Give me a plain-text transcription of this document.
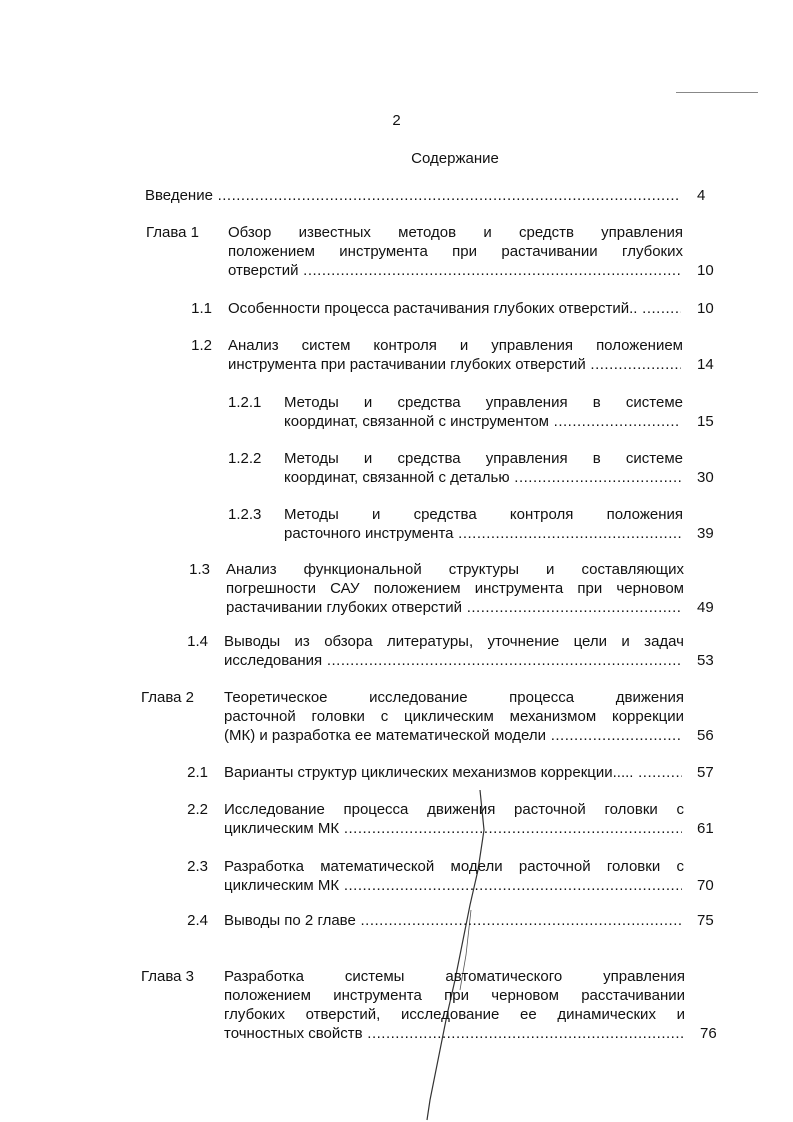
2
Содержание
Введение .....	4
Глава 1 Обзор известных методов и средств управления
положением инструмента при растачивании глубоких
отверстий .....	10
1.1 Особенности процесса растачивания глубоких отверстий.. .....	10
1.2 Анализ систем контроля и управления положением
инструмента при растачивании глубоких отверстий .....	14
1.2.1 Методы и средства управления в системе
координат, связанной с инструментом .....	15
1.2.2 Методы и средства управления в системе
координат, связанной с деталью .....	30
1.2.3 Методы и средства контроля положения
расточного инструмента .....	39
1.3 Анализ функциональной структуры и составляющих
погрешности САУ положением инструмента при черновом
растачивании глубоких отверстий .....	49
1.4 Выводы из обзора литературы, уточнение цели и задач
исследования .....	53
Глава 2 Теоретическое исследование процесса движения
расточной головки с циклическим механизмом коррекции
(МК) и разработка ее математической модели .....	56
2.1 Варианты структур циклических механизмов коррекции..... .....	57
2.2 Исследование процесса движения расточной головки с
циклическим МК .....	61
2.3 Разработка математической модели расточной головки с
циклическим МК .....	70
2.4 Выводы по 2 главе .....	75
Глава 3 Разработка системы автоматического управления
положением инструмента при черновом расстачивании
глубоких отверстий, исследование ее динамических и
точностных свойств .....	76
